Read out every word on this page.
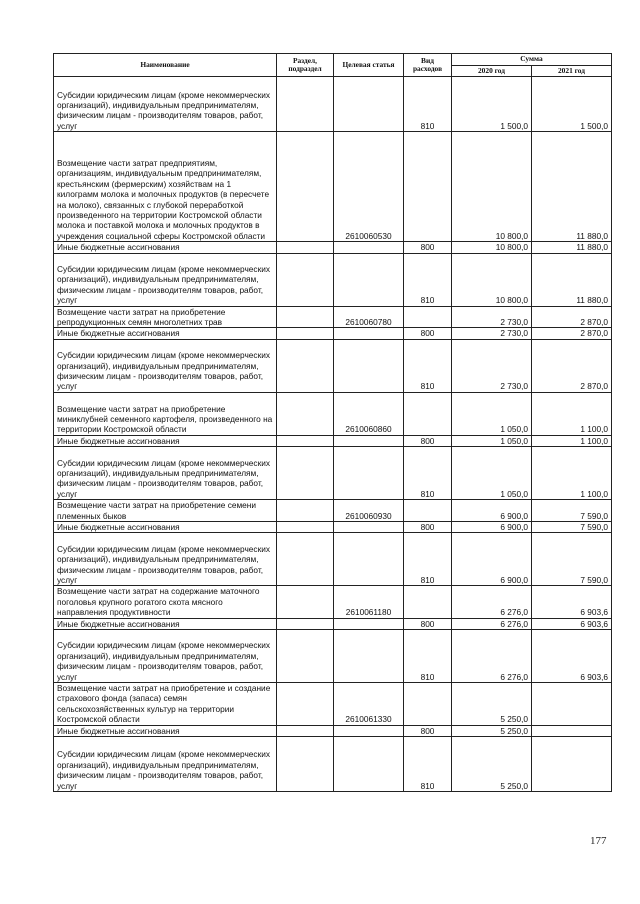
Наименование	Раздел, подраздел	Целевая статья	Вид расходов	Сумма	
				2020 год	2021 год
Субсидии юридическим лицам (кроме некоммерческих организаций), индивидуальным предпринимателям, физическим лицам - производителям товаров, работ, услуг			810	1 500,0	1 500,0
Возмещение части затрат предприятиям, организациям, индивидуальным предпринимателям, крестьянским (фермерским) хозяйствам на 1 килограмм молока и молочных продуктов (в пересчете на молоко), связанных с глубокой переработкой произведенного на территории Костромской области молока и поставкой молока и молочных продуктов в учреждения социальной сферы Костромской области		2610060530		10 800,0	11 880,0
Иные бюджетные ассигнования			800	10 800,0	11 880,0
Субсидии юридическим лицам (кроме некоммерческих организаций), индивидуальным предпринимателям, физическим лицам - производителям товаров, работ, услуг			810	10 800,0	11 880,0
Возмещение части затрат на приобретение репродукционных семян многолетних трав		2610060780		2 730,0	2 870,0
Иные бюджетные ассигнования			800	2 730,0	2 870,0
Субсидии юридическим лицам (кроме некоммерческих организаций), индивидуальным предпринимателям, физическим лицам - производителям товаров, работ, услуг			810	2 730,0	2 870,0
Возмещение части затрат на приобретение миниклубней семенного картофеля, произведенного на территории Костромской области		2610060860		1 050,0	1 100,0
Иные бюджетные ассигнования			800	1 050,0	1 100,0
Субсидии юридическим лицам (кроме некоммерческих организаций), индивидуальным предпринимателям, физическим лицам - производителям товаров, работ, услуг			810	1 050,0	1 100,0
Возмещение части затрат на приобретение семени племенных быков		2610060930		6 900,0	7 590,0
Иные бюджетные ассигнования			800	6 900,0	7 590,0
Субсидии юридическим лицам (кроме некоммерческих организаций), индивидуальным предпринимателям, физическим лицам - производителям товаров, работ, услуг			810	6 900,0	7 590,0
Возмещение части затрат на содержание маточного поголовья крупного рогатого скота мясного направления продуктивности		2610061180		6 276,0	6 903,6
Иные бюджетные ассигнования			800	6 276,0	6 903,6
Субсидии юридическим лицам (кроме некоммерческих организаций), индивидуальным предпринимателям, физическим лицам - производителям товаров, работ, услуг			810	6 276,0	6 903,6
Возмещение части затрат на приобретение и создание страхового фонда (запаса) семян сельскохозяйственных культур на территории Костромской области		2610061330		5 250,0	
Иные бюджетные ассигнования			800	5 250,0	
Субсидии юридическим лицам (кроме некоммерческих организаций), индивидуальным предпринимателям, физическим лицам - производителям товаров, работ, услуг			810	5 250,0	
177
